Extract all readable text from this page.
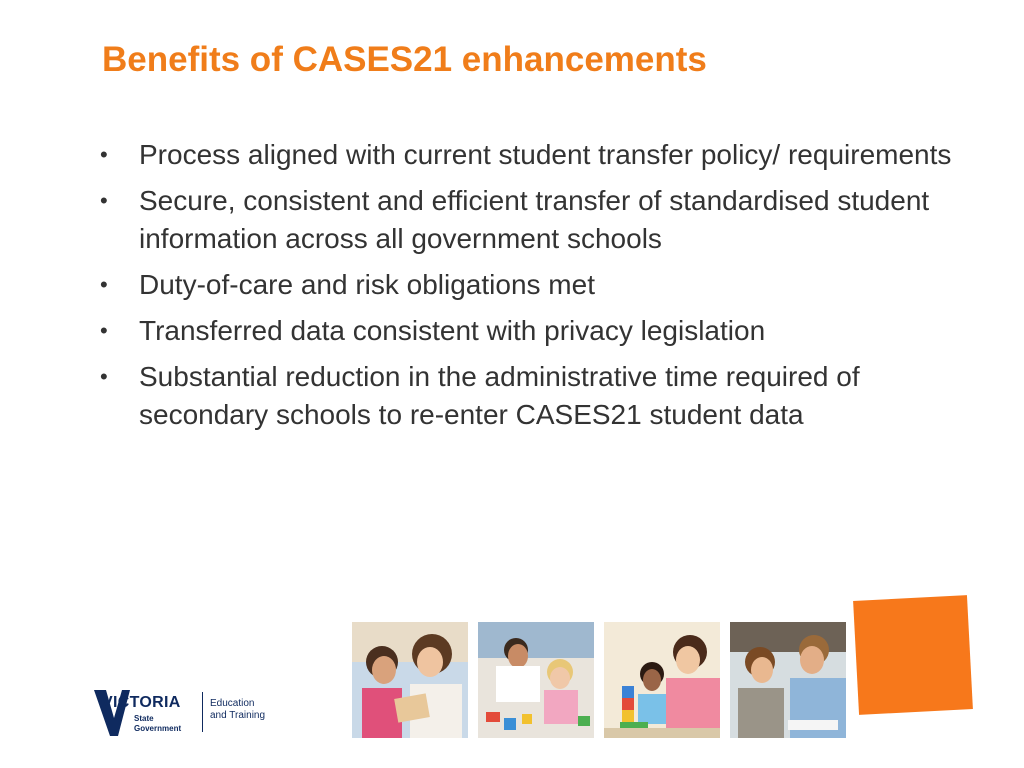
Benefits of CASES21 enhancements
•	Process aligned with current student transfer policy/ requirements
•	Secure, consistent and efficient transfer of standardised student information across all government schools
•	Duty-of-care and risk obligations met
•	Transferred data consistent with privacy legislation
•	Substantial reduction in the administrative time required of secondary schools to re-enter CASES21 student data
VICTORIA
State
Government
Education
and Training
